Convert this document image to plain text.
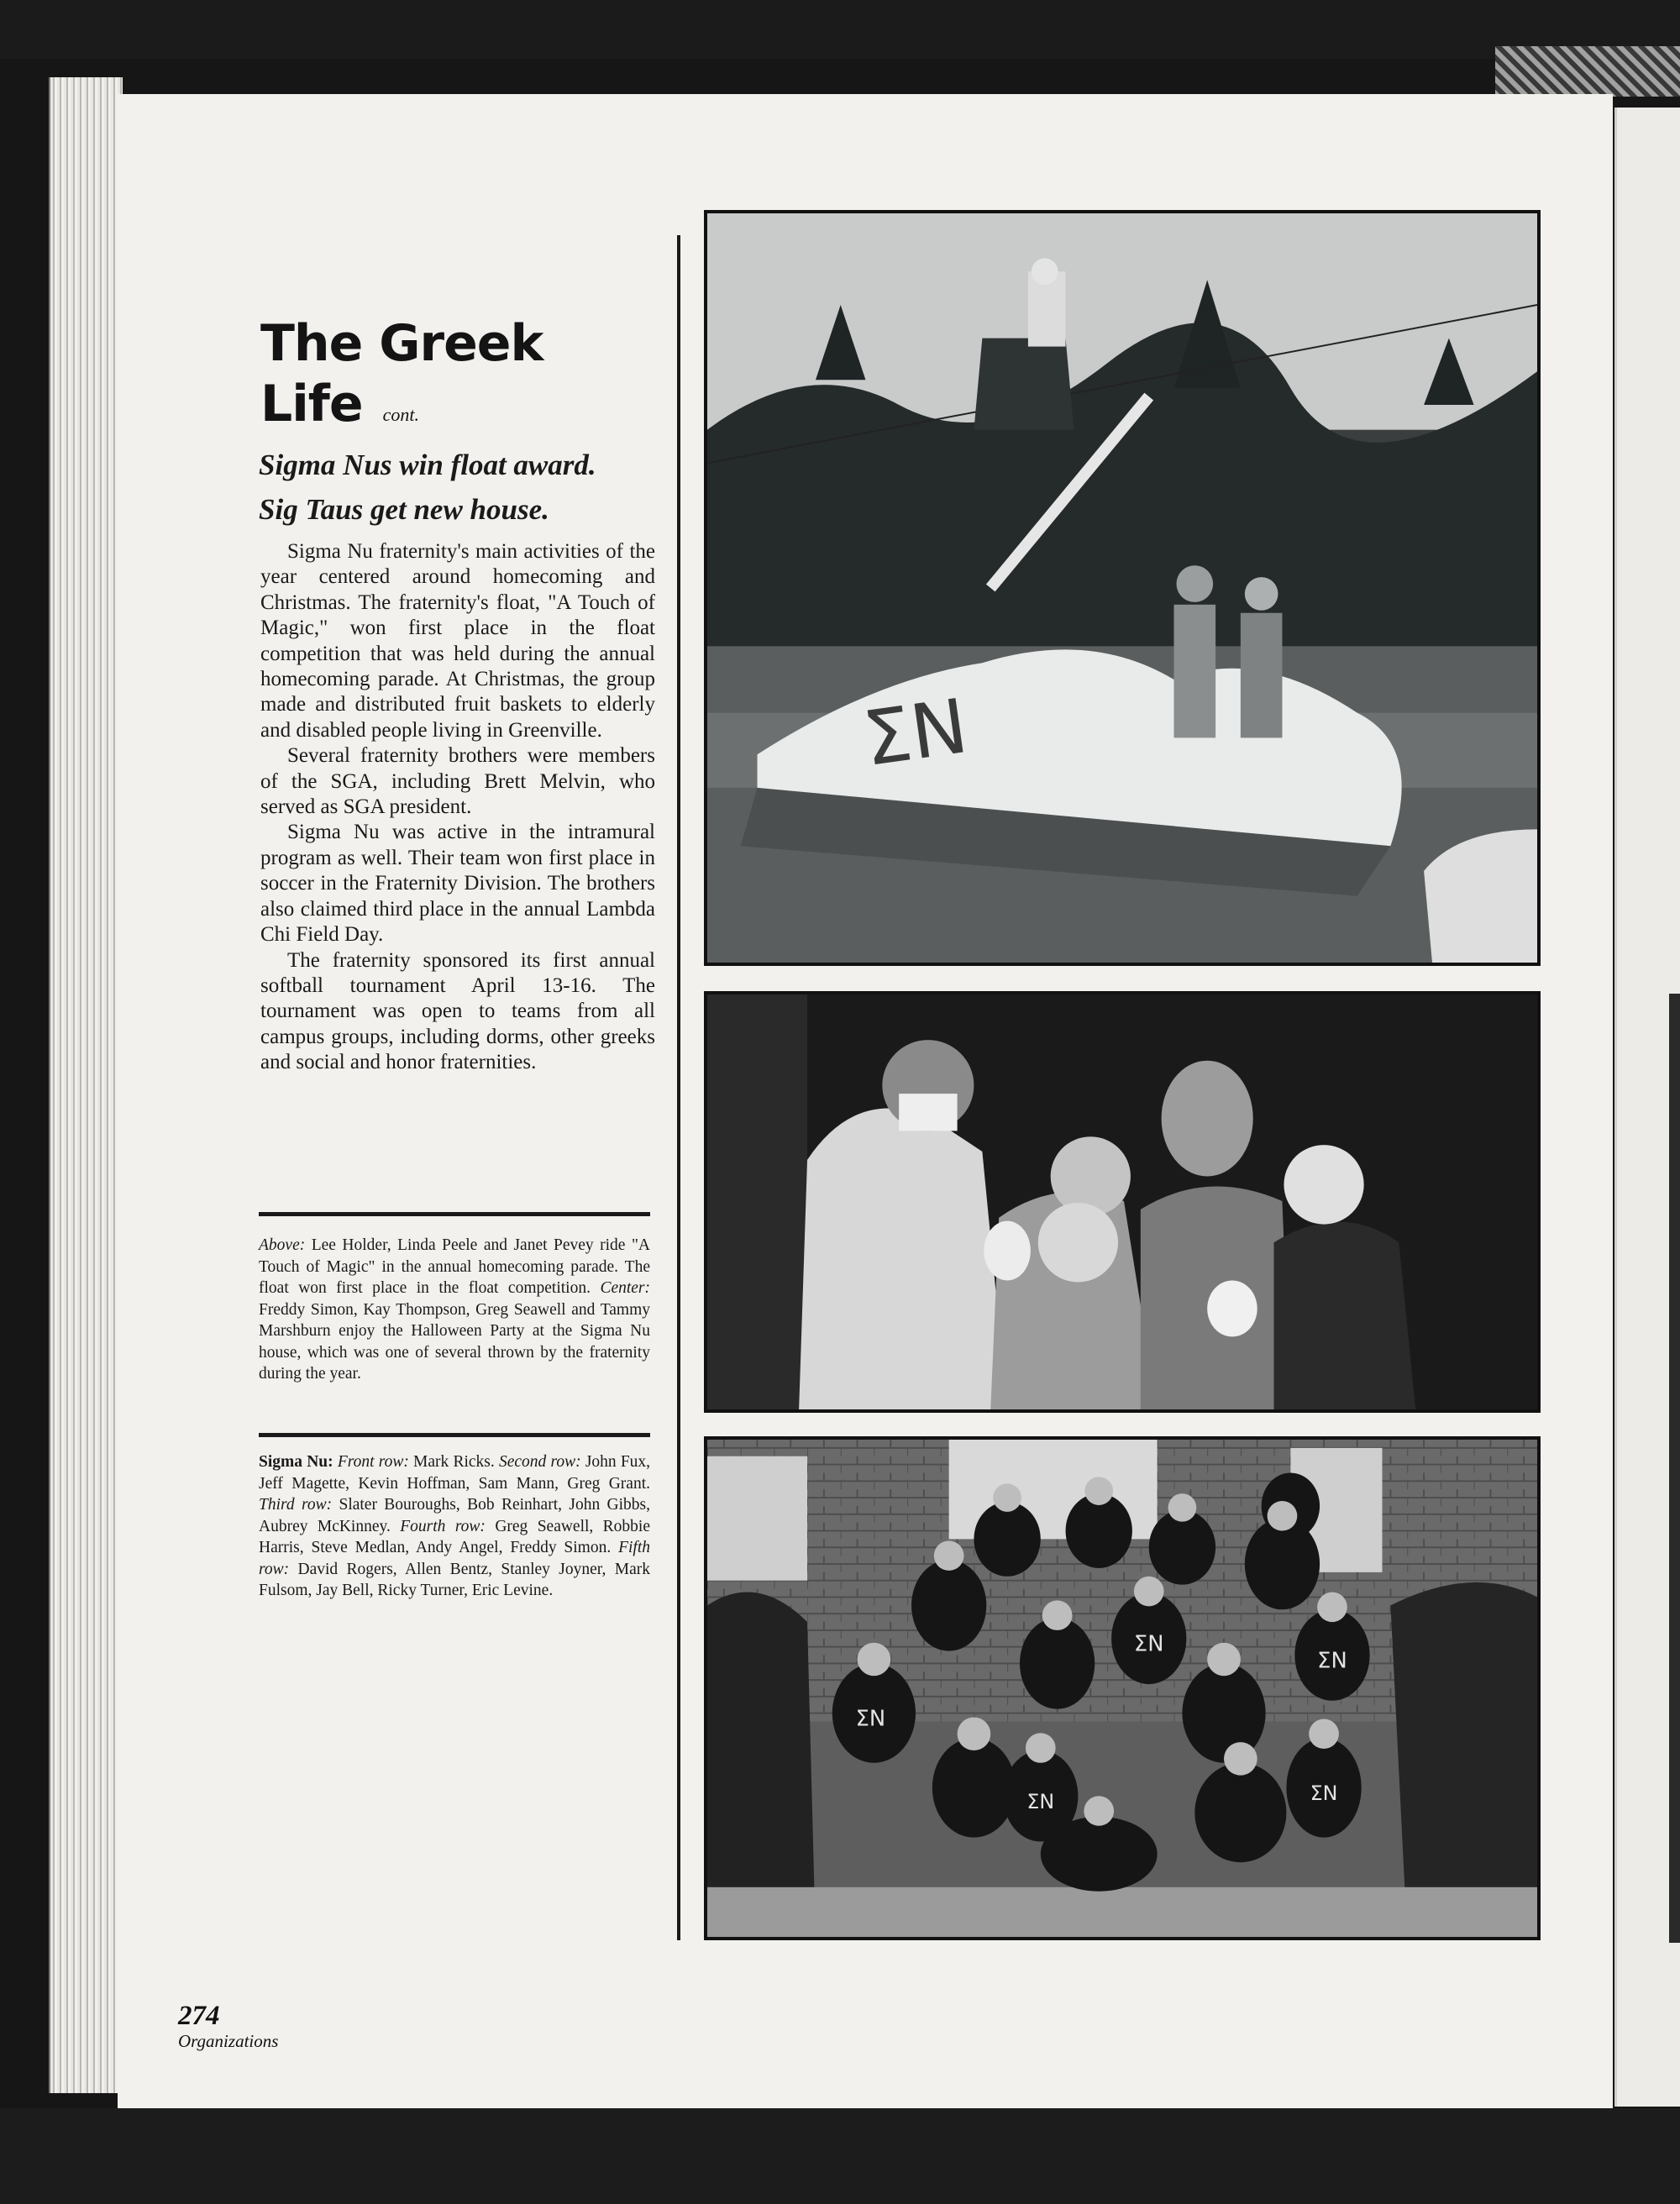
The Greek
Life cont.
Sigma Nus win float award.
Sig Taus get new house.

Sigma Nu fraternity's main activities of the year centered around homecoming and Christmas. The fraternity's float, "A Touch of Magic," won first place in the float competition that was held during the annual homecoming parade. At Christmas, the group made and distributed fruit baskets to elderly and disabled people living in Greenville.

Several fraternity brothers were members of the SGA, including Brett Melvin, who served as SGA president.

Sigma Nu was active in the intramural program as well. Their team won first place in soccer in the Fraternity Division. The brothers also claimed third place in the annual Lambda Chi Field Day.

The fraternity sponsored its first annual softball tournament April 13-16. The tournament was open to teams from all campus groups, including dorms, other greeks and social and honor fraternities.

Above: Lee Holder, Linda Peele and Janet Pevey ride "A Touch of Magic" in the annual homecoming parade. The float won first place in the float competition. Center: Freddy Simon, Kay Thompson, Greg Seawell and Tammy Marshburn enjoy the Halloween Party at the Sigma Nu house, which was one of several thrown by the fraternity during the year.

Sigma Nu: Front row: Mark Ricks. Second row: John Fux, Jeff Magette, Kevin Hoffman, Sam Mann, Greg Grant. Third row: Slater Bouroughs, Bob Reinhart, John Gibbs, Aubrey McKinney. Fourth row: Greg Seawell, Robbie Harris, Steve Medlan, Andy Angel, Freddy Simon. Fifth row: David Rogers, Allen Bentz, Stanley Joyner, Mark Fulsom, Jay Bell, Ricky Turner, Eric Levine.

ΣN
ΣN
ΣN
ΣN
ΣN	ΣN
274
Organizations
